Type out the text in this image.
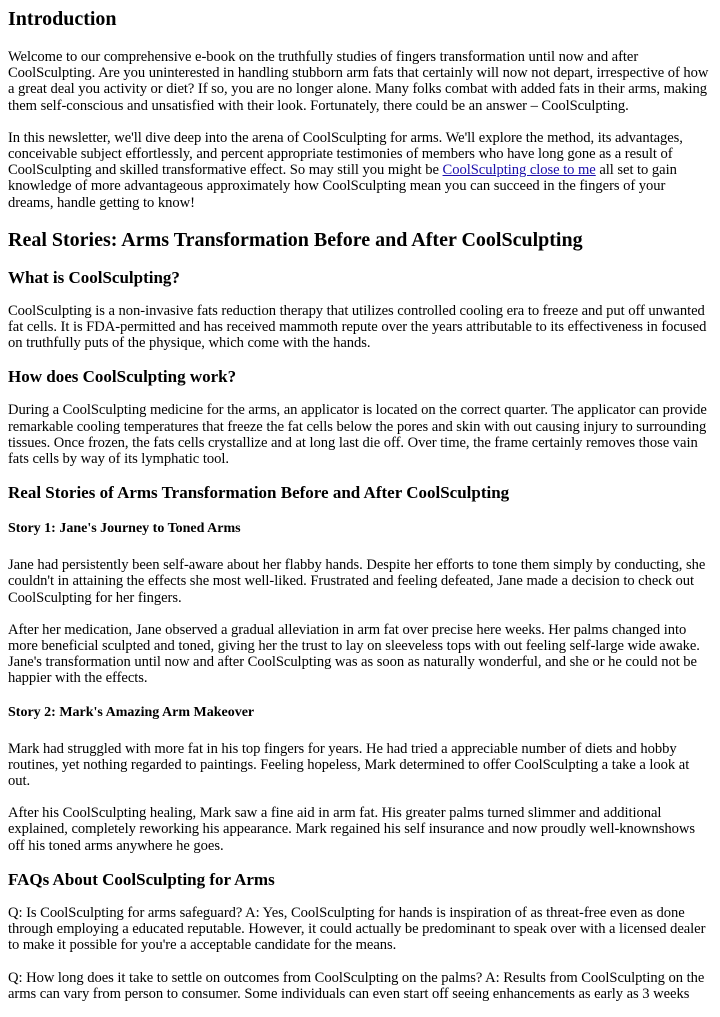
Introduction

Welcome to our comprehensive e-book on the truthfully studies of fingers transformation until now and after CoolSculpting. Are you uninterested in handling stubborn arm fats that certainly will now not depart, irrespective of how a great deal you activity or diet? If so, you are no longer alone. Many folks combat with added fats in their arms, making them self-conscious and unsatisfied with their look. Fortunately, there could be an answer – CoolSculpting.

In this newsletter, we'll dive deep into the arena of CoolSculpting for arms. We'll explore the method, its advantages, conceivable subject effortlessly, and percent appropriate testimonies of members who have long gone as a result of CoolSculpting and skilled transformative effect. So may still you might be CoolSculpting close to me all set to gain knowledge of more advantageous approximately how CoolSculpting mean you can succeed in the fingers of your dreams, handle getting to know!

Real Stories: Arms Transformation Before and After CoolSculpting
What is CoolSculpting?

CoolSculpting is a non-invasive fats reduction therapy that utilizes controlled cooling era to freeze and put off unwanted fat cells. It is FDA-permitted and has received mammoth repute over the years attributable to its effectiveness in focused on truthfully puts of the physique, which come with the hands.

How does CoolSculpting work?

During a CoolSculpting medicine for the arms, an applicator is located on the correct quarter. The applicator can provide remarkable cooling temperatures that freeze the fat cells below the pores and skin with out causing injury to surrounding tissues. Once frozen, the fats cells crystallize and at long last die off. Over time, the frame certainly removes those vain fats cells by way of its lymphatic tool.

Real Stories of Arms Transformation Before and After CoolSculpting
Story 1: Jane's Journey to Toned Arms

Jane had persistently been self-aware about her flabby hands. Despite her efforts to tone them simply by conducting, she couldn't in attaining the effects she most well-liked. Frustrated and feeling defeated, Jane made a decision to check out CoolSculpting for her fingers.

After her medication, Jane observed a gradual alleviation in arm fat over precise here weeks. Her palms changed into more beneficial sculpted and toned, giving her the trust to lay on sleeveless tops with out feeling self-large wide awake. Jane's transformation until now and after CoolSculpting was as soon as naturally wonderful, and she or he could not be happier with the effects.

Story 2: Mark's Amazing Arm Makeover

Mark had struggled with more fat in his top fingers for years. He had tried a appreciable number of diets and hobby routines, yet nothing regarded to paintings. Feeling hopeless, Mark determined to offer CoolSculpting a take a look at out.

After his CoolSculpting healing, Mark saw a fine aid in arm fat. His greater palms turned slimmer and additional explained, completely reworking his appearance. Mark regained his self insurance and now proudly well-knownshows off his toned arms anywhere he goes.

FAQs About CoolSculpting for Arms

Q: Is CoolSculpting for arms safeguard? A: Yes, CoolSculpting for hands is inspiration of as threat-free even as done through employing a educated reputable. However, it could actually be predominant to speak over with a licensed dealer to make it possible for you're a acceptable candidate for the means.

Q: How long does it take to settle on outcomes from CoolSculpting on the palms? A: Results from CoolSculpting on the arms can vary from person to consumer. Some individuals can even start off seeing enhancements as early as 3 weeks
